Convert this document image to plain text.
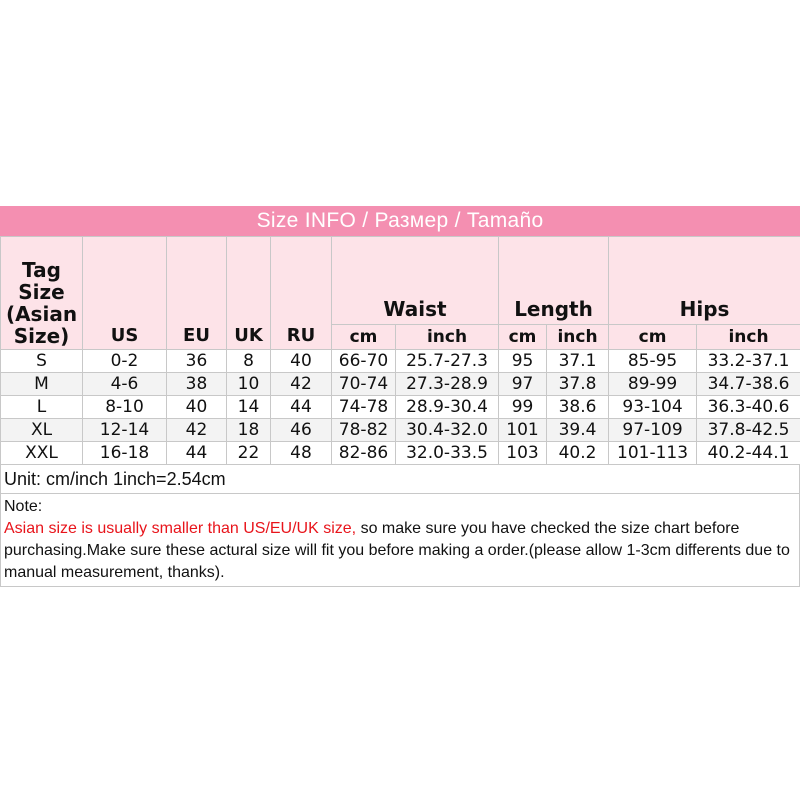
Size INFO / Размер / Tamaño
Tag Size (Asian Size)	US	EU	UK	RU	Waist		Length		Hips	
					cm	inch	cm	inch	cm	inch
S	0-2	36	8	40	66-70	25.7-27.3	95	37.1	85-95	33.2-37.1
M	4-6	38	10	42	70-74	27.3-28.9	97	37.8	89-99	34.7-38.6
L	8-10	40	14	44	74-78	28.9-30.4	99	38.6	93-104	36.3-40.6
XL	12-14	42	18	46	78-82	30.4-32.0	101	39.4	97-109	37.8-42.5
XXL	16-18	44	22	48	82-86	32.0-33.5	103	40.2	101-113	40.2-44.1
Unit: cm/inch 1inch=2.54cm
Note:
Asian size is usually smaller than US/EU/UK size, so make sure you have checked the size chart before purchasing.Make sure these actural size will fit you before making a order.(please allow 1-3cm differents due to manual measurement, thanks).
